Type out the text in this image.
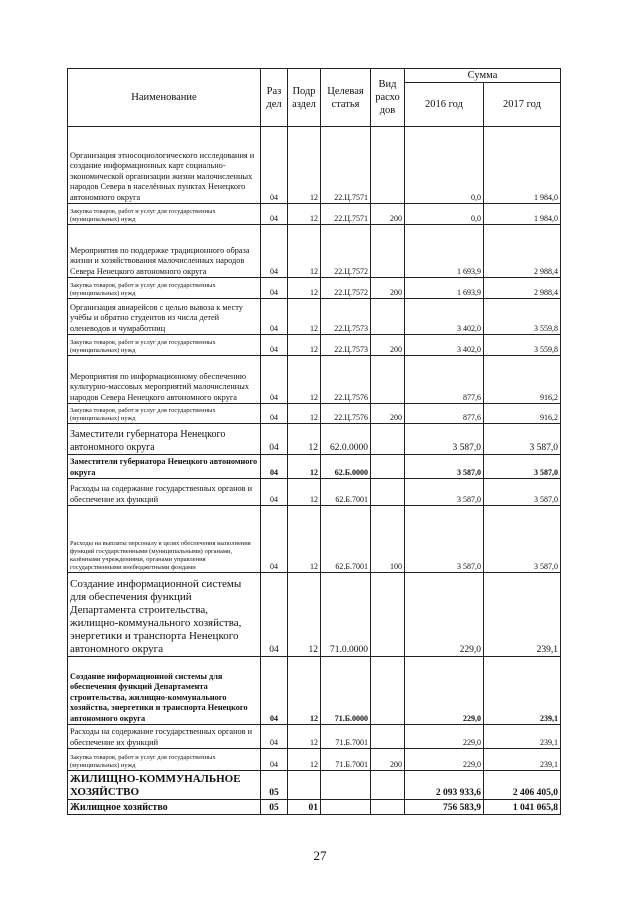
Наименование	Раз дел	Подр аздел	Целевая статья	Вид расхо дов	Сумма	
					2016 год	2017 год
Организация этносоциологического исследования и создание информационных карт социально-экономической организации жизни малочисленных народов Севера в населённых пунктах Ненецкого автономного округа	04	12	22.Ц.7571		0,0	1 984,0
Закупка товаров, работ и услуг для государственных (муниципальных) нужд	04	12	22.Ц.7571	200	0,0	1 984,0
Мероприятия по поддержке традиционного образа жизни и хозяйствования малочисленных народов Севера Ненецкого автономного округа	04	12	22.Ц.7572		1 693,9	2 988,4
Закупка товаров, работ и услуг для государственных (муниципальных) нужд	04	12	22.Ц.7572	200	1 693,9	2 988,4
Организация авиарейсов с целью вывоза к месту учёбы и обратно студентов из числа детей оленеводов и чумработниц	04	12	22.Ц.7573		3 402,0	3 559,8
Закупка товаров, работ и услуг для государственных (муниципальных) нужд	04	12	22.Ц.7573	200	3 402,0	3 559,8
Мероприятия по информационному обеспечению культурно-массовых мероприятий малочисленных народов Севера Ненецкого автономного округа	04	12	22.Ц.7576		877,6	916,2
Закупка товаров, работ и услуг для государственных (муниципальных) нужд	04	12	22.Ц.7576	200	877,6	916,2
Заместители губернатора Ненецкого автономного округа	04	12	62.0.0000		3 587,0	3 587,0
Заместители губернатора Ненецкого автономного округа	04	12	62.Б.0000		3 587,0	3 587,0
Расходы на содержание государственных органов и обеспечение их функций	04	12	62.Б.7001		3 587,0	3 587,0
Расходы на выплаты персоналу в целях обеспечения выполнения функций государственными (муниципальными) органами, казёнными учреждениями, органами управления государственными внебюджетными фондами	04	12	62.Б.7001	100	3 587,0	3 587,0
Создание информационной системы для обеспечения функций Департамента строительства, жилищно-коммунального хозяйства, энергетики и транспорта Ненецкого автономного округа	04	12	71.0.0000		229,0	239,1
Создание информационной системы для обеспечения функций Департамента строительства, жилищно-коммунального хозяйства, энергетики и транспорта Ненецкого автономного округа	04	12	71.Б.0000		229,0	239,1
Расходы на содержание государственных органов и обеспечение их функций	04	12	71.Б.7001		229,0	239,1
Закупка товаров, работ и услуг для государственных (муниципальных) нужд	04	12	71.Б.7001	200	229,0	239,1
ЖИЛИЩНО-КОММУНАЛЬНОЕ ХОЗЯЙСТВО	05				2 093 933,6	2 406 405,0
Жилищное хозяйство	05	01			756 583,9	1 041 065,8
27
